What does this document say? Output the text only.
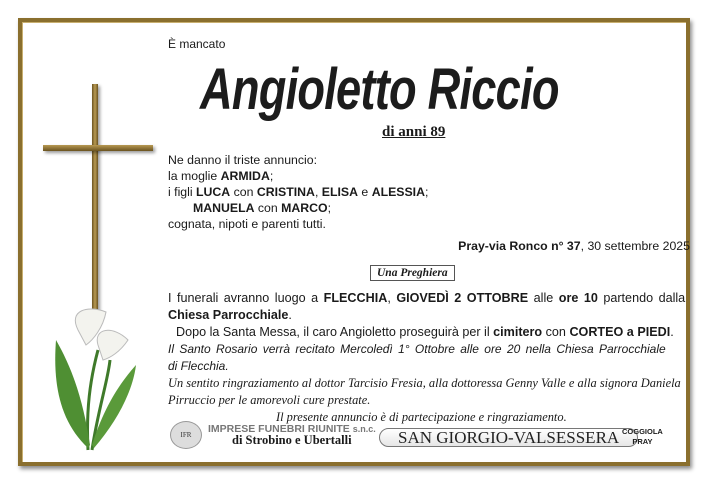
È mancato
Angioletto Riccio
di anni 89
Ne danno il triste annuncio:
la moglie ARMIDA;
i figli LUCA con CRISTINA, ELISA e ALESSIA;
MANUELA con MARCO;
cognata, nipoti e parenti tutti.
Pray-via Ronco n° 37, 30 settembre 2025
Una Preghiera
I funerali avranno luogo a FLECCHIA, GIOVEDÌ 2 OTTOBRE alle ore 10 partendo dalla
Chiesa Parrocchiale.
Dopo la Santa Messa, il caro Angioletto proseguirà per il cimitero con CORTEO a PIEDI.
Il Santo Rosario verrà recitato Mercoledì 1° Ottobre alle ore 20 nella Chiesa Parrocchiale
di Flecchia.
Un sentito ringraziamento al dottor Tarcisio Fresia, alla dottoressa Genny Valle e alla signora Daniela
Pirruccio per le amorevoli cure prestate.
Il presente annuncio è di partecipazione e ringraziamento.
IFR	IMPRESE FUNEBRI RIUNITE s.n.c.
di Strobino e Ubertalli	SAN GIORGIO-VALSESSERA COGGIOLA
PRAY
